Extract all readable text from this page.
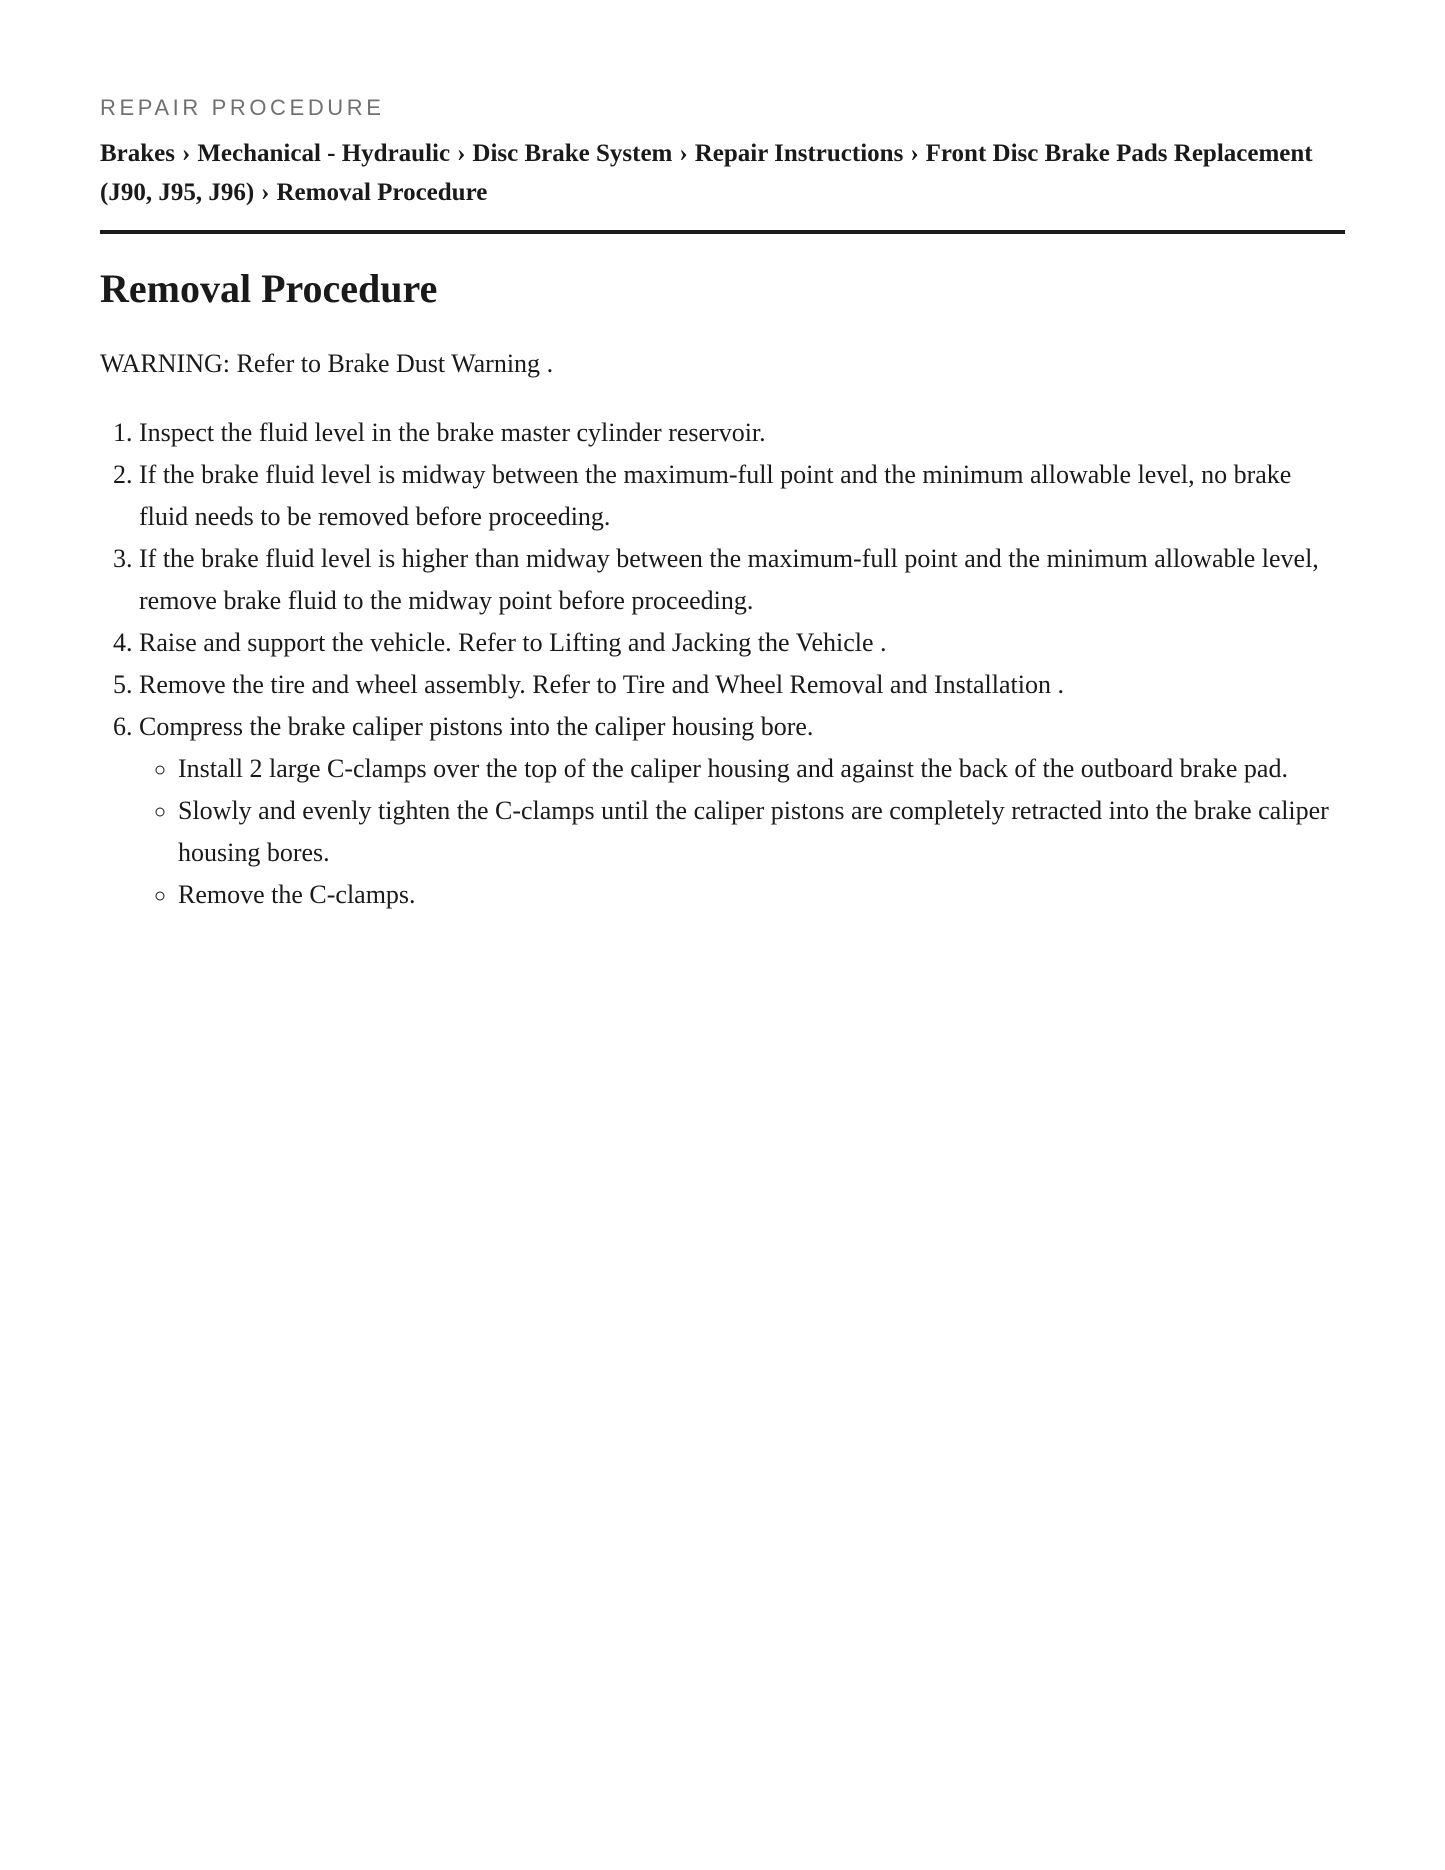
REPAIR PROCEDURE

Brakes › Mechanical - Hydraulic › Disc Brake System › Repair Instructions › Front Disc Brake Pads Replacement (J90, J95, J96) › Removal Procedure
Removal Procedure

WARNING: Refer to Brake Dust Warning .

1. Inspect the fluid level in the brake master cylinder reservoir.
2. If the brake fluid level is midway between the maximum-full point and the minimum allowable level, no brake fluid needs to be removed before proceeding.
3. If the brake fluid level is higher than midway between the maximum-full point and the minimum allowable level, remove brake fluid to the midway point before proceeding.
4. Raise and support the vehicle. Refer to Lifting and Jacking the Vehicle .
5. Remove the tire and wheel assembly. Refer to Tire and Wheel Removal and Installation .
6. Compress the brake caliper pistons into the caliper housing bore.
◦ Install 2 large C-clamps over the top of the caliper housing and against the back of the outboard brake pad.
◦ Slowly and evenly tighten the C-clamps until the caliper pistons are completely retracted into the brake caliper housing bores.
◦ Remove the C-clamps.
